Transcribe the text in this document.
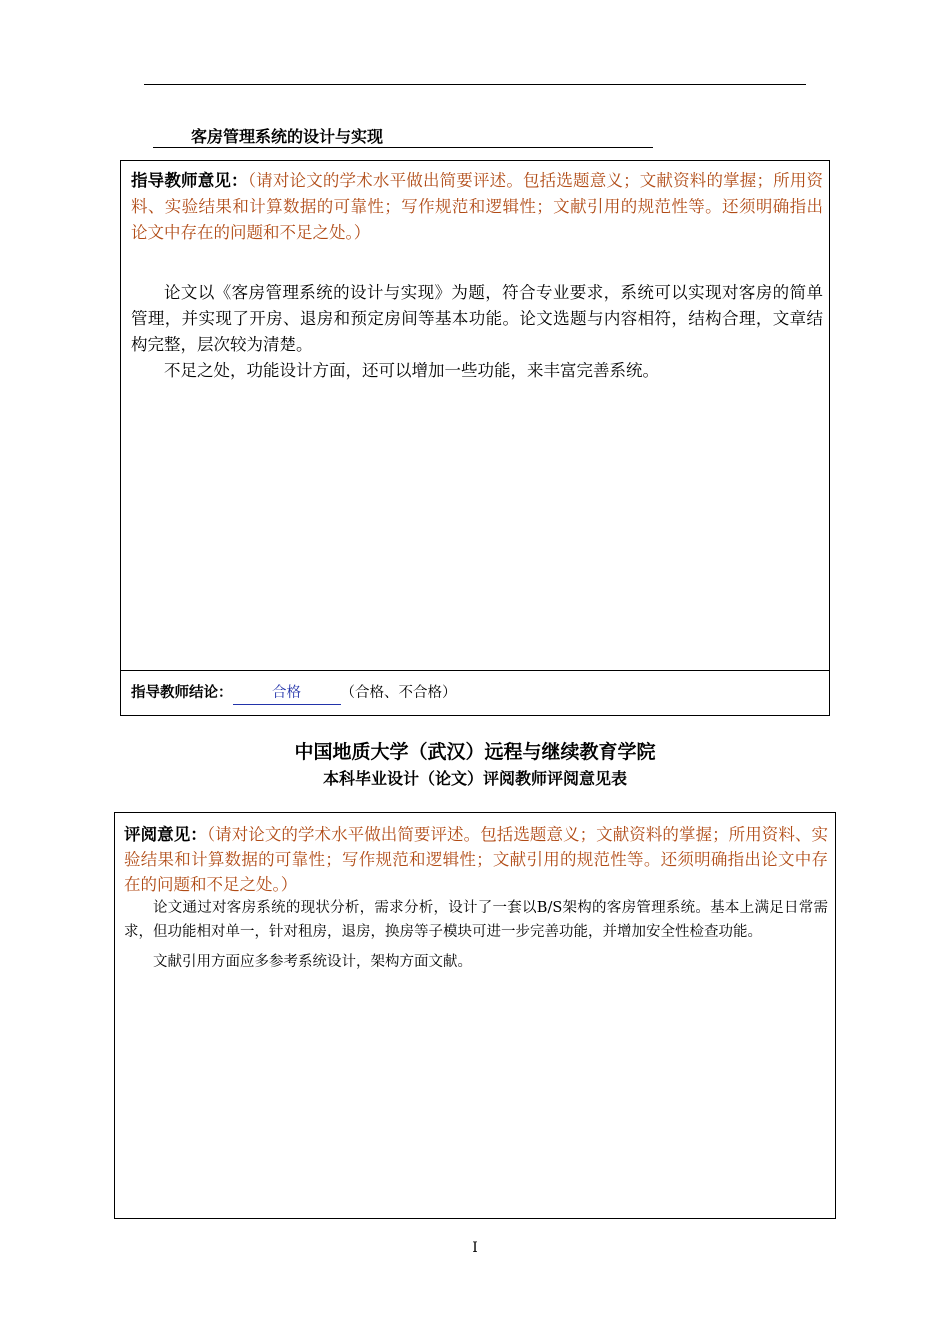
客房管理系统的设计与实现
指导教师意见：（请对论文的学术水平做出简要评述。包括选题意义；文献资料的掌握；所用资料、实验结果和计算数据的可靠性；写作规范和逻辑性；文献引用的规范性等。还须明确指出论文中存在的问题和不足之处。）

论文以《客房管理系统的设计与实现》为题，符合专业要求，系统可以实现对客房的简单管理，并实现了开房、退房和预定房间等基本功能。论文选题与内容相符，结构合理，文章结构完整，层次较为清楚。

不足之处，功能设计方面，还可以增加一些功能，来丰富完善系统。

指导教师结论：	合格	（合格、不合格）
中国地质大学（武汉）远程与继续教育学院
本科毕业设计（论文）评阅教师评阅意见表
评阅意见：（请对论文的学术水平做出简要评述。包括选题意义；文献资料的掌握；所用资料、实验结果和计算数据的可靠性；写作规范和逻辑性；文献引用的规范性等。还须明确指出论文中存在的问题和不足之处。）

论文通过对客房系统的现状分析，需求分析，设计了一套以B/S架构的客房管理系统。基本上满足日常需求，但功能相对单一，针对租房，退房，换房等子模块可进一步完善功能，并增加安全性检查功能。

文献引用方面应多参考系统设计，架构方面文献。

I
